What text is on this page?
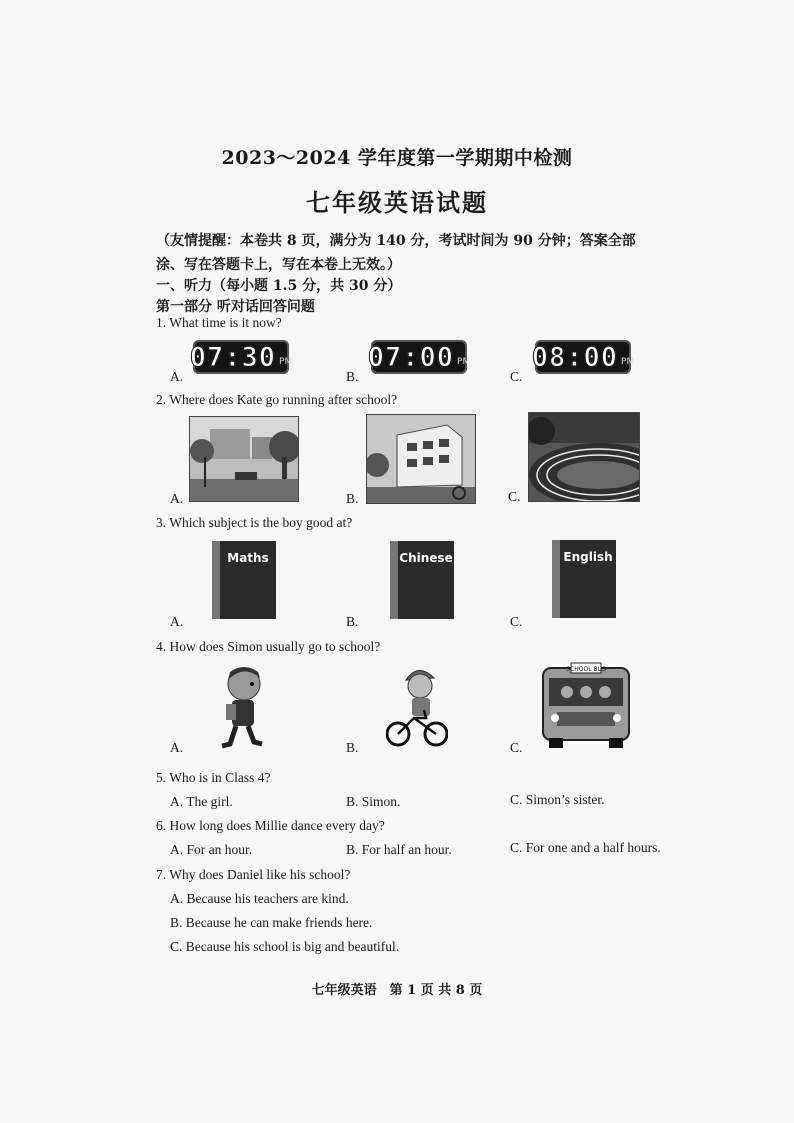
2023～2024 学年度第一学期期中检测
七年级英语试题
（友情提醒：本卷共 8 页，满分为 140 分，考试时间为 90 分钟；答案全部涂、写在答题卡上，写在本卷上无效。）
一、听力（每小题 1.5 分，共 30 分）
第一部分 听对话回答问题
1. What time is it now?
A.
07:30 PM
B.
07:00 PM
C.
08:00 PM
2. Where does Kate go running after school?
A.	B.	C.
3. Which subject is the boy good at?
A.
Maths
B.
Chinese
C.
English
4. How does Simon usually go to school?
A.	B.	C.
SCHOOL BUS
5. Who is in Class 4?
A. The girl.	B. Simon.	C. Simon’s sister.
6. How long does Millie dance every day?
A. For an hour.	B. For half an hour.	C. For one and a half hours.
7. Why does Daniel like his school?
A. Because his teachers are kind.
B. Because he can make friends here.
C. Because his school is big and beautiful.
七年级英语　第 1 页 共 8 页
